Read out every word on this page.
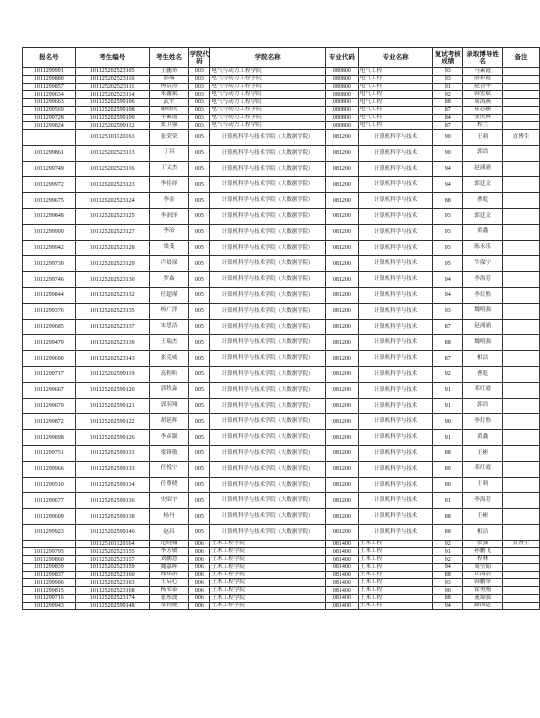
报名号	考生编号	考生姓名	学院代码	学院名称	专业代码	专业名称	复试考核成绩	录取博导姓名	备注
1011299991	101125202523105	王鹏举	003	电气与动力工程学院	080800	电气工程	93	马素霞	
1011299880	101125202523110	郭瑞	003	电气与动力工程学院	080800	电气工程	93	薛彩霞	
1011299857	101125202523111	杨洁涛	003	电气与动力工程学院	080800	电气工程	91	赵晋华	
1011299634	101125202523114	朱鑫斌	003	电气与动力工程学院	080800	电气工程	92	韩宏斌	
1011299663	101125202599106	武平	003	电气与动力工程学院	080800	电气工程	88	周海燕	
1011299569	101125202599108	谢晓庆	003	电气与动力工程学院	080800	电气工程	87	霍志鹏	
1011299728	101125202599109	辛素霞	003	电气与动力工程学院	080800	电气工程	84	张庆辉	
1011299824	101125202599112	张卫强	003	电气与动力工程学院	080800	电气工程	87	程兰	
	101125101120163	张荣荣	005	计算机科学与技术学院（大数据学院）	081200	计算机科学与技术	90	王莉	直博生
1011299861	101125202523113	丁昌	005	计算机科学与技术学院（大数据学院）	081200	计算机科学与技术	90	郭浩	
1011299749	101125202523116	丁文杰	005	计算机科学与技术学院（大数据学院）	081200	计算机科学与技术	94	赵涌涌	
1011299972	101125202523123	李佳择	005	计算机科学与技术学院（大数据学院）	081200	计算机科学与技术	94	郭廷文	
1011299675	101125202523124	李金	005	计算机科学与技术学院（大数据学院）	081200	计算机科学与技术	88	曹乾	
1011299848	101125202523125	李润泽	005	计算机科学与技术学院（大数据学院）	081200	计算机科学与技术	93	郭廷文	
1011299990	101125202523127	李冶	005	计算机科学与技术学院（大数据学院）	081200	计算机科学与技术	93	黄鑫	
1011299942	101125202523128	梁斐	005	计算机科学与技术学院（大数据学院）	081200	计算机科学与技术	93	陈永乐	
1011299730	101125202523129	卢晨琛	005	计算机科学与技术学院（大数据学院）	081200	计算机科学与技术	95	牛保宁	
1011299746	101125202523130	罗焱	005	计算机科学与技术学院（大数据学院）	081200	计算机科学与技术	94	李海芳	
1011299844	101125202523132	任超瑾	005	计算机科学与技术学院（大数据学院）	081200	计算机科学与技术	94	李灯熬	
1011299376	101125202523135	杨广泽	005	计算机科学与技术学院（大数据学院）	081200	计算机科学与技术	93	魏明强	
1011299685	101125202523137	宋思洁	005	计算机科学与技术学院（大数据学院）	081200	计算机科学与技术	87	赵涌涌	
1011299479	101125202523139	王瑞杰	005	计算机科学与技术学院（大数据学院）	081200	计算机科学与技术	88	魏明强	
1011299690	101125202523143	张克威	005	计算机科学与技术学院（大数据学院）	081200	计算机科学与技术	87	相洁	
1011299717	101125202599119	高程昕	005	计算机科学与技术学院（大数据学院）	081200	计算机科学与技术	92	曹乾	
1011299667	101125202599120	郭牧淼	005	计算机科学与技术学院（大数据学院）	081200	计算机科学与技术	91	邓红霞	
1011299679	101125202599121	郭羽翔	005	计算机科学与技术学院（大数据学院）	081200	计算机科学与技术	91	郭浩	
1011299872	101125202599122	胡延辉	005	计算机科学与技术学院（大数据学院）	081200	计算机科学与技术	90	李灯熬	
1011299898	101125202599126	李彦龈	005	计算机科学与技术学院（大数据学院）	081200	计算机科学与技术	91	黄鑫	
1011299751	101125202599131	梁锋敬	005	计算机科学与技术学院（大数据学院）	081200	计算机科学与技术	88	王彬	
1011299966	101125202599133	任悦宁	005	计算机科学与技术学院（大数据学院）	081200	计算机科学与技术	89	邓红霞	
1011299510	101125202599134	任尊晓	005	计算机科学与技术学院（大数据学院）	081200	计算机科学与技术	90	王莉	
1011299677	101125202599136	史昭宇	005	计算机科学与技术学院（大数据学院）	081200	计算机科学与技术	91	李海芳	
1011299609	101125202599138	杨丹	005	计算机科学与技术学院（大数据学院）	081200	计算机科学与技术	88	王彬	
1011299923	101125202599146	赵昌	005	计算机科学与技术学院（大数据学院）	081200	计算机科学与技术	88	相洁	
	101125101120164	范晓翰	006	土木工程学院	081400	土木工程	92	张强	直博生
1011299795	101125202523155	李芳敏	006	土木工程学院	081400	土木工程	91	孙鹏飞	
1011299860	101125202523157	刘鹏慧	006	土木工程学院	081400	土木工程	92	程林	
1011299839	101125202523159	魏嘉晖	006	土木工程学院	081400	土木工程	94	周莹娟	
1011299837	101125202523160	邢炜淇	006	土木工程学院	081400	土木工程	88	丘海浩	
1011299906	101125202523163	王启心	006	土木工程学院	081400	土木工程	93	韩鹏举	
1011299815	101125202523168	杨荣泰	006	土木工程学院	081400	土木工程	90	霍勇刚	
1011299716	101125202523174	张彤波	006	土木工程学院	081400	土木工程	88	董锦强	
1011299943	101125202599148	常钧捷	006	土木工程学院	081400	土木工程	94	路国运	
